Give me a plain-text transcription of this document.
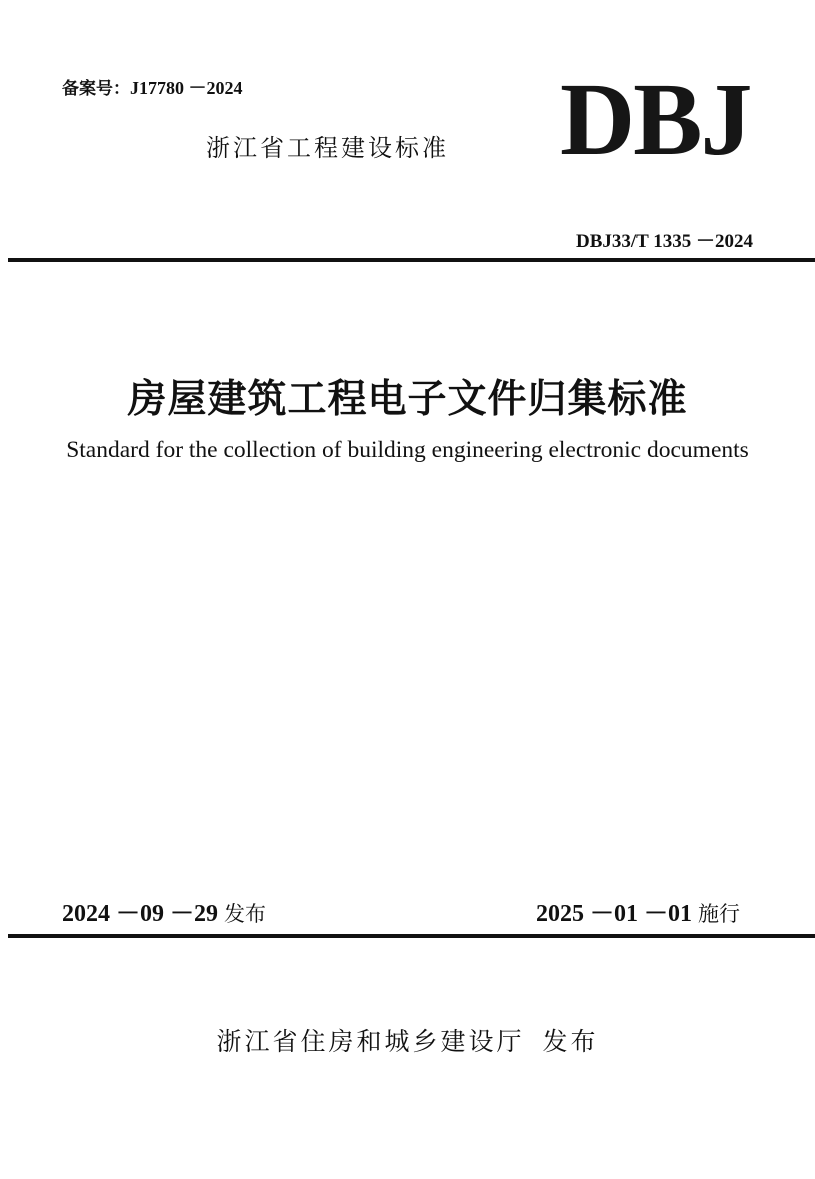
备案号：J17780 －2024
浙江省工程建设标准 DBJ
DBJ33/T 1335 －2024
房屋建筑工程电子文件归集标准
Standard for the collection of building engineering electronic documents
2024 －09 －29 发布	2025 －01 －01 施行
浙江省住房和城乡建设厅 发布
